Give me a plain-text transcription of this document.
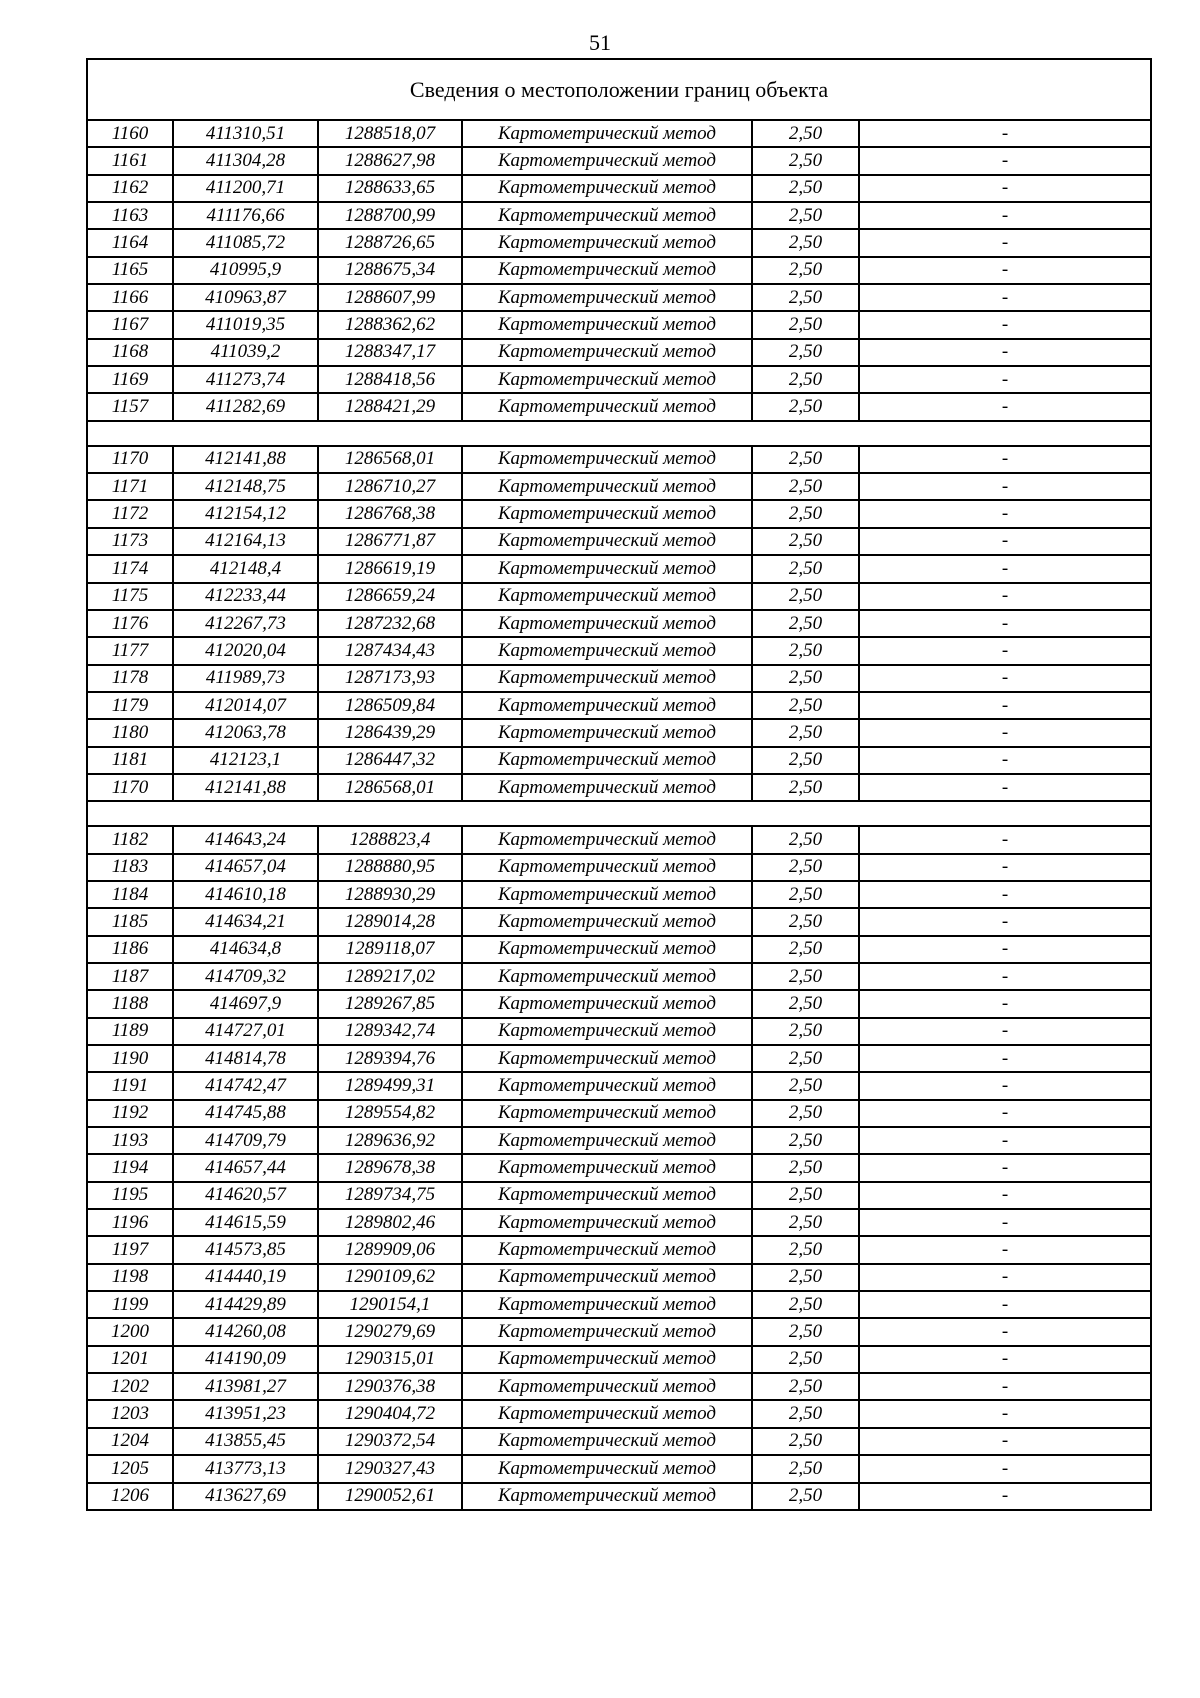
51
Сведения о местоположении границ объекта					
1160	411310,51	1288518,07	Картометрический метод	2,50	-
1161	411304,28	1288627,98	Картометрический метод	2,50	-
1162	411200,71	1288633,65	Картометрический метод	2,50	-
1163	411176,66	1288700,99	Картометрический метод	2,50	-
1164	411085,72	1288726,65	Картометрический метод	2,50	-
1165	410995,9	1288675,34	Картометрический метод	2,50	-
1166	410963,87	1288607,99	Картометрический метод	2,50	-
1167	411019,35	1288362,62	Картометрический метод	2,50	-
1168	411039,2	1288347,17	Картометрический метод	2,50	-
1169	411273,74	1288418,56	Картометрический метод	2,50	-
1157	411282,69	1288421,29	Картометрический метод	2,50	-

1170	412141,88	1286568,01	Картометрический метод	2,50	-
1171	412148,75	1286710,27	Картометрический метод	2,50	-
1172	412154,12	1286768,38	Картометрический метод	2,50	-
1173	412164,13	1286771,87	Картометрический метод	2,50	-
1174	412148,4	1286619,19	Картометрический метод	2,50	-
1175	412233,44	1286659,24	Картометрический метод	2,50	-
1176	412267,73	1287232,68	Картометрический метод	2,50	-
1177	412020,04	1287434,43	Картометрический метод	2,50	-
1178	411989,73	1287173,93	Картометрический метод	2,50	-
1179	412014,07	1286509,84	Картометрический метод	2,50	-
1180	412063,78	1286439,29	Картометрический метод	2,50	-
1181	412123,1	1286447,32	Картометрический метод	2,50	-
1170	412141,88	1286568,01	Картометрический метод	2,50	-

1182	414643,24	1288823,4	Картометрический метод	2,50	-
1183	414657,04	1288880,95	Картометрический метод	2,50	-
1184	414610,18	1288930,29	Картометрический метод	2,50	-
1185	414634,21	1289014,28	Картометрический метод	2,50	-
1186	414634,8	1289118,07	Картометрический метод	2,50	-
1187	414709,32	1289217,02	Картометрический метод	2,50	-
1188	414697,9	1289267,85	Картометрический метод	2,50	-
1189	414727,01	1289342,74	Картометрический метод	2,50	-
1190	414814,78	1289394,76	Картометрический метод	2,50	-
1191	414742,47	1289499,31	Картометрический метод	2,50	-
1192	414745,88	1289554,82	Картометрический метод	2,50	-
1193	414709,79	1289636,92	Картометрический метод	2,50	-
1194	414657,44	1289678,38	Картометрический метод	2,50	-
1195	414620,57	1289734,75	Картометрический метод	2,50	-
1196	414615,59	1289802,46	Картометрический метод	2,50	-
1197	414573,85	1289909,06	Картометрический метод	2,50	-
1198	414440,19	1290109,62	Картометрический метод	2,50	-
1199	414429,89	1290154,1	Картометрический метод	2,50	-
1200	414260,08	1290279,69	Картометрический метод	2,50	-
1201	414190,09	1290315,01	Картометрический метод	2,50	-
1202	413981,27	1290376,38	Картометрический метод	2,50	-
1203	413951,23	1290404,72	Картометрический метод	2,50	-
1204	413855,45	1290372,54	Картометрический метод	2,50	-
1205	413773,13	1290327,43	Картометрический метод	2,50	-
1206	413627,69	1290052,61	Картометрический метод	2,50	-
